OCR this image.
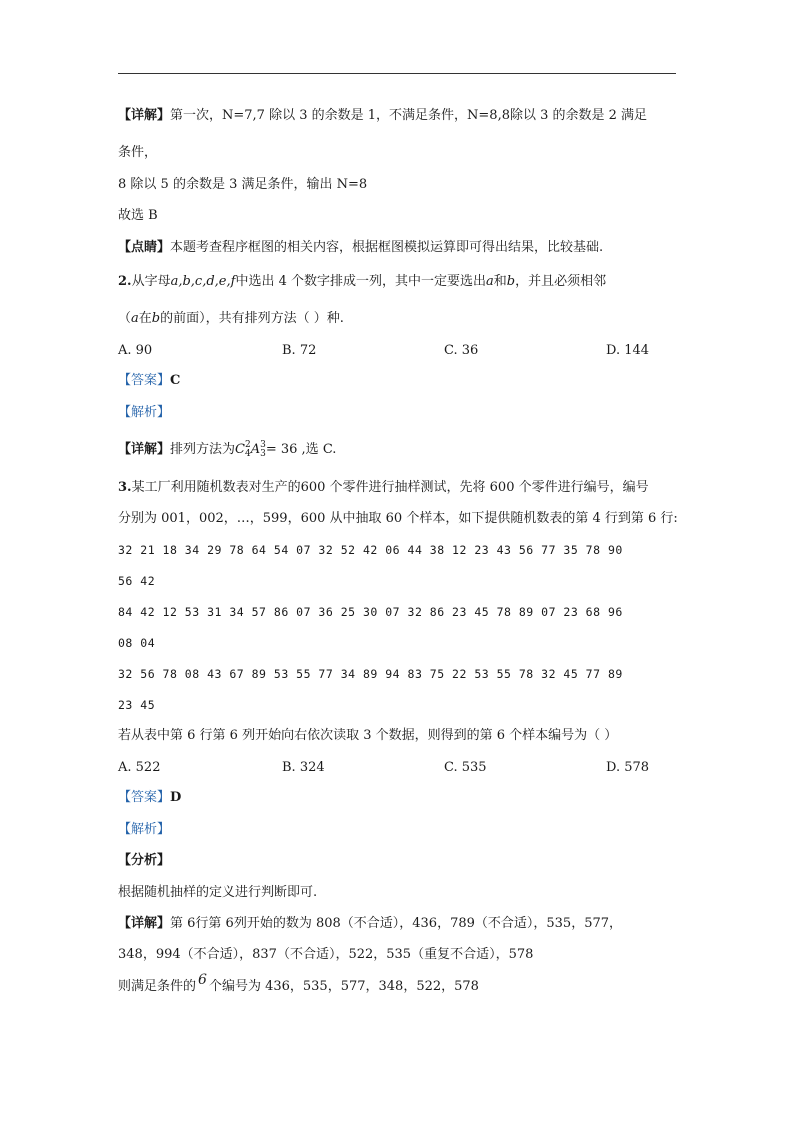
【详解】第一次，N=7,7 除以 3 的余数是 1，不满足条件，N=8,8除以 3 的余数是 2 满足
条件，
8 除以 5 的余数是 3 满足条件，输出 N=8
故选 B
【点睛】本题考查程序框图的相关内容，根据框图模拟运算即可得出结果，比较基础.
2.从字母a,b,c,d,e,f中选出 4 个数字排成一列，其中一定要选出a和b，并且必须相邻
（a在b的前面），共有排列方法（ ）种.
A. 90	B. 72	C. 36	D. 144
【答案】C
【解析】
【详解】排列方法为C 2
4 A 3
3 = 36 ,选 C.
3.某工厂利用随机数表对生产的600 个零件进行抽样测试，先将 600 个零件进行编号，编号
分别为 001，002，…，599，600 从中抽取 60 个样本，如下提供随机数表的第 4 行到第 6 行:
32 21 18 34 29 78 64 54 07 32 52 42 06 44 38 12 23 43 56 77 35 78 90
56 42
84 42 12 53 31 34 57 86 07 36 25 30 07 32 86 23 45 78 89 07 23 68 96
08 04
32 56 78 08 43 67 89 53 55 77 34 89 94 83 75 22 53 55 78 32 45 77 89
23 45
若从表中第 6 行第 6 列开始向右依次读取 3 个数据，则得到的第 6 个样本编号为（ ）
A. 522	B. 324	C. 535	D. 578
【答案】D
【解析】
【分析】
根据随机抽样的定义进行判断即可.
【详解】第 6行第 6列开始的数为 808（不合适），436，789（不合适），535，577，
348，994（不合适），837（不合适），522，535（重复不合适），578
则满足条件的 6 个编号为 436，535，577，348，522，578
